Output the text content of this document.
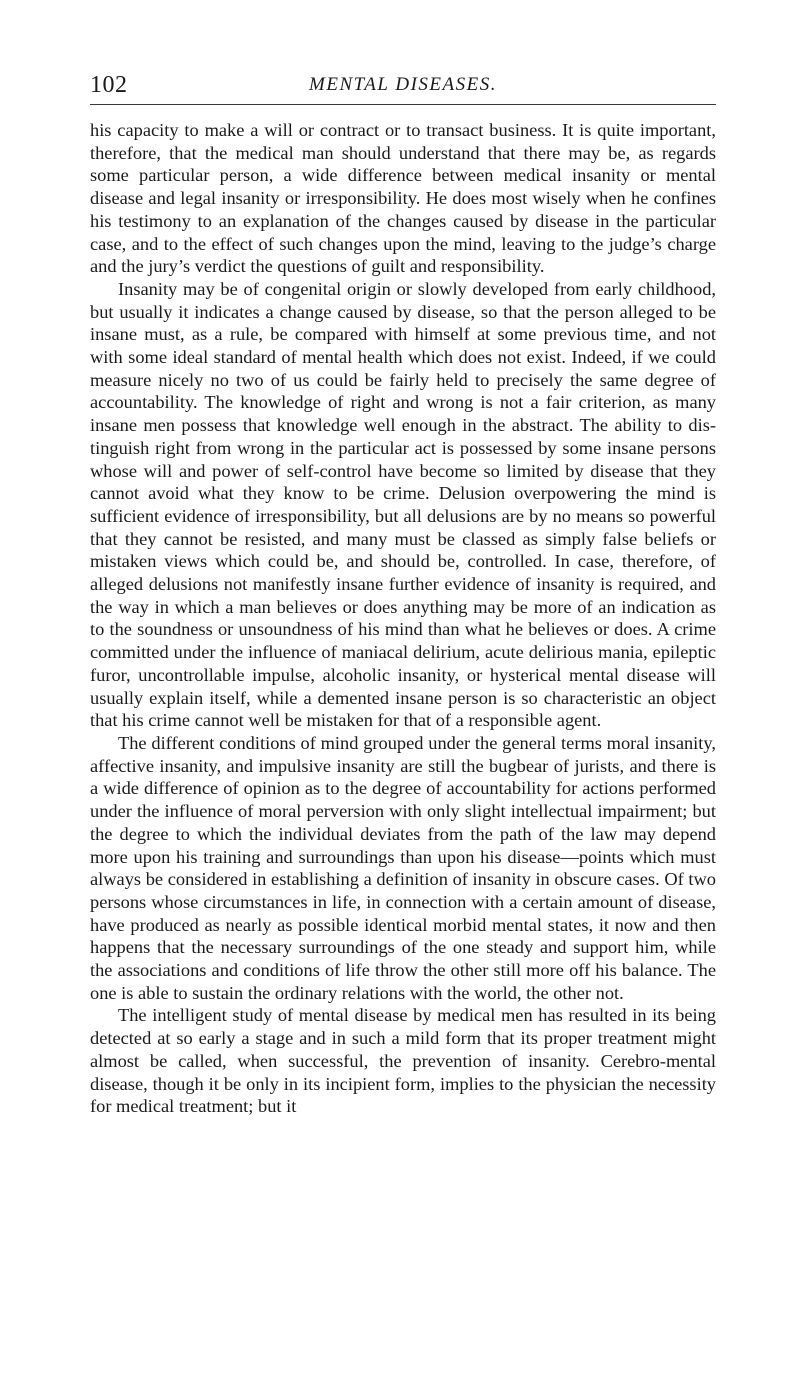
102	MENTAL DISEASES.

his capacity to make a will or contract or to transact business. It is quite important, therefore, that the medical man should understand that there may be, as regards some particular person, a wide difference between medical insanity or mental disease and legal insanity or irresponsibility. He does most wisely when he confines his testimony to an explanation of the changes caused by disease in the particular case, and to the effect of such changes upon the mind, leaving to the judge’s charge and the jury’s verdict the questions of guilt and responsibility.

Insanity may be of congenital origin or slowly developed from early childhood, but usually it indicates a change caused by disease, so that the person alleged to be insane must, as a rule, be compared with himself at some previous time, and not with some ideal standard of mental health which does not exist. Indeed, if we could measure nicely no two of us could be fairly held to precisely the same degree of accountability. The knowledge of right and wrong is not a fair criterion, as many insane men possess that knowledge well enough in the abstract. The ability to distinguish right from wrong in the particular act is possessed by some insane persons whose will and power of self-control have become so limited by disease that they cannot avoid what they know to be crime. Delusion overpowering the mind is sufficient evidence of irresponsibility, but all delusions are by no means so powerful that they cannot be resisted, and many must be classed as simply false beliefs or mistaken views which could be, and should be, controlled. In case, therefore, of alleged delusions not manifestly insane further evidence of insanity is required, and the way in which a man believes or does anything may be more of an indication as to the soundness or unsoundness of his mind than what he believes or does. A crime committed under the influence of maniacal delirium, acute delirious mania, epileptic furor, uncontrollable impulse, alcoholic insanity, or hysterical mental disease will usually explain itself, while a demented insane person is so characteristic an object that his crime cannot well be mistaken for that of a responsible agent.

The different conditions of mind grouped under the general terms moral insanity, affective insanity, and impulsive insanity are still the bugbear of jurists, and there is a wide difference of opinion as to the degree of accountability for actions performed under the influence of moral perversion with only slight intellectual impairment; but the degree to which the individual deviates from the path of the law may depend more upon his training and surroundings than upon his disease—points which must always be considered in establishing a definition of insanity in obscure cases. Of two persons whose circumstances in life, in connection with a certain amount of disease, have produced as nearly as possible identical morbid mental states, it now and then happens that the necessary surroundings of the one steady and support him, while the associations and conditions of life throw the other still more off his balance. The one is able to sustain the ordinary relations with the world, the other not.

The intelligent study of mental disease by medical men has resulted in its being detected at so early a stage and in such a mild form that its proper treatment might almost be called, when successful, the prevention of insanity. Cerebro-mental disease, though it be only in its incipient form, implies to the physician the necessity for medical treatment; but it
